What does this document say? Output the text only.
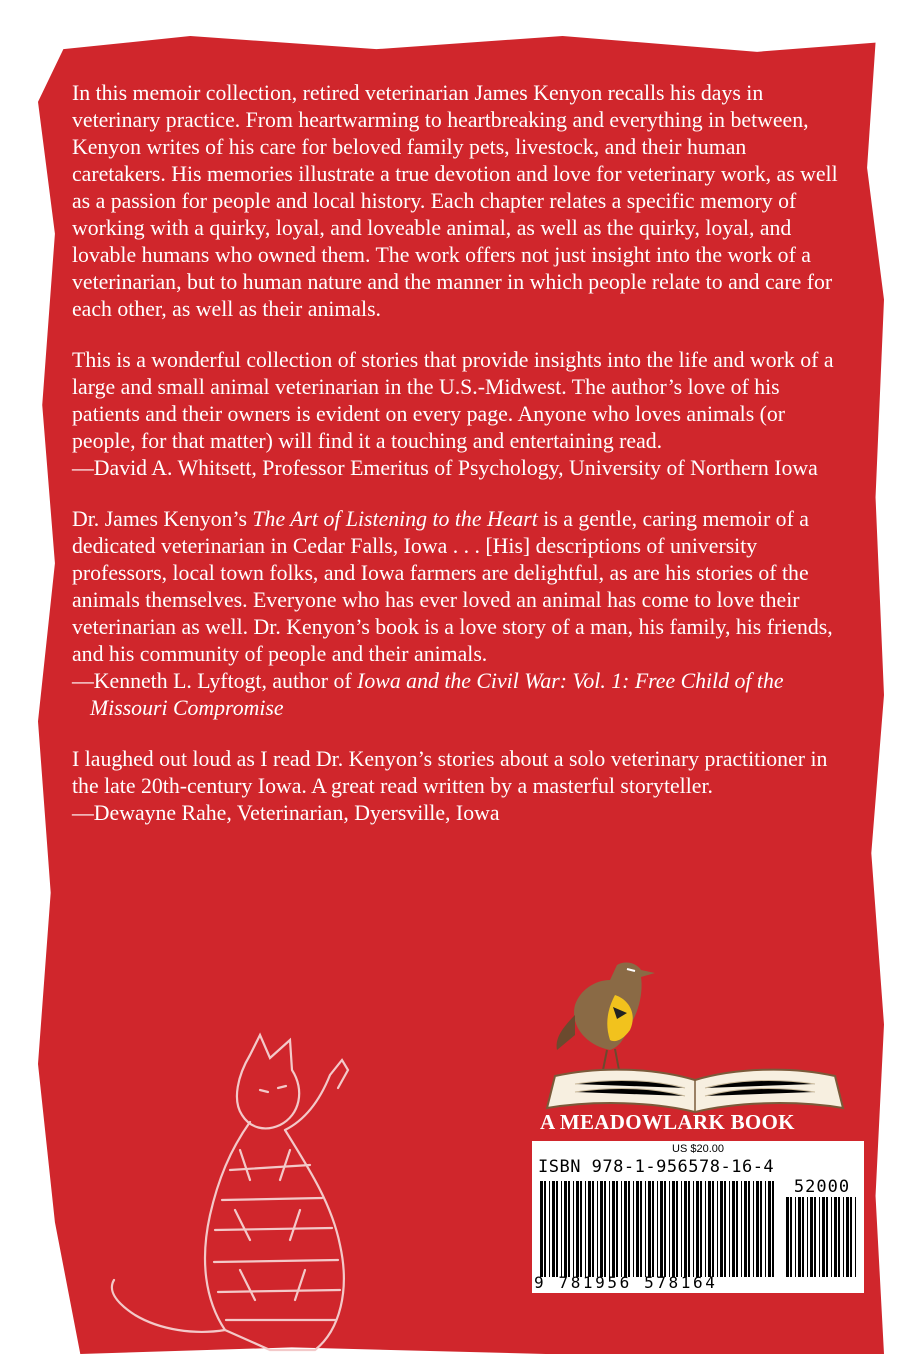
In this memoir collection, retired veterinarian James Kenyon recalls his days in veterinary practice. From heartwarming to heartbreaking and everything in between, Kenyon writes of his care for beloved family pets, livestock, and their human caretakers. His memories illustrate a true devotion and love for veterinary work, as well as a passion for people and local history. Each chapter relates a specific memory of working with a quirky, loyal, and loveable animal, as well as the quirky, loyal, and lovable humans who owned them. The work offers not just insight into the work of a veterinarian, but to human nature and the manner in which people relate to and care for each other, as well as their animals.

This is a wonderful collection of stories that provide insights into the life and work of a large and small animal veterinarian in the U.S.-Midwest. The author’s love of his patients and their owners is evident on every page. Anyone who loves animals (or people, for that matter) will find it a touching and entertaining read.

—David A. Whitsett, Professor Emeritus of Psychology, University of Northern Iowa

Dr. James Kenyon’s The Art of Listening to the Heart is a gentle, caring memoir of a dedicated veterinarian in Cedar Falls, Iowa . . . [His] descriptions of university professors, local town folks, and Iowa farmers are delightful, as are his stories of the animals themselves. Everyone who has ever loved an animal has come to love their veterinarian as well. Dr. Kenyon’s book is a love story of a man, his family, his friends, and his community of people and their animals.

—Kenneth L. Lyftogt, author of Iowa and the Civil War: Vol. 1: Free Child of the

Missouri Compromise

I laughed out loud as I read Dr. Kenyon’s stories about a solo veterinary practitioner in the late 20th-century Iowa. A great read written by a masterful storyteller.

—Dewayne Rahe, Veterinarian, Dyersville, Iowa

A MEADOWLARK BOOK
US $20.00
ISBN 978-1-956578-16-4
52000
9 781956 578164
